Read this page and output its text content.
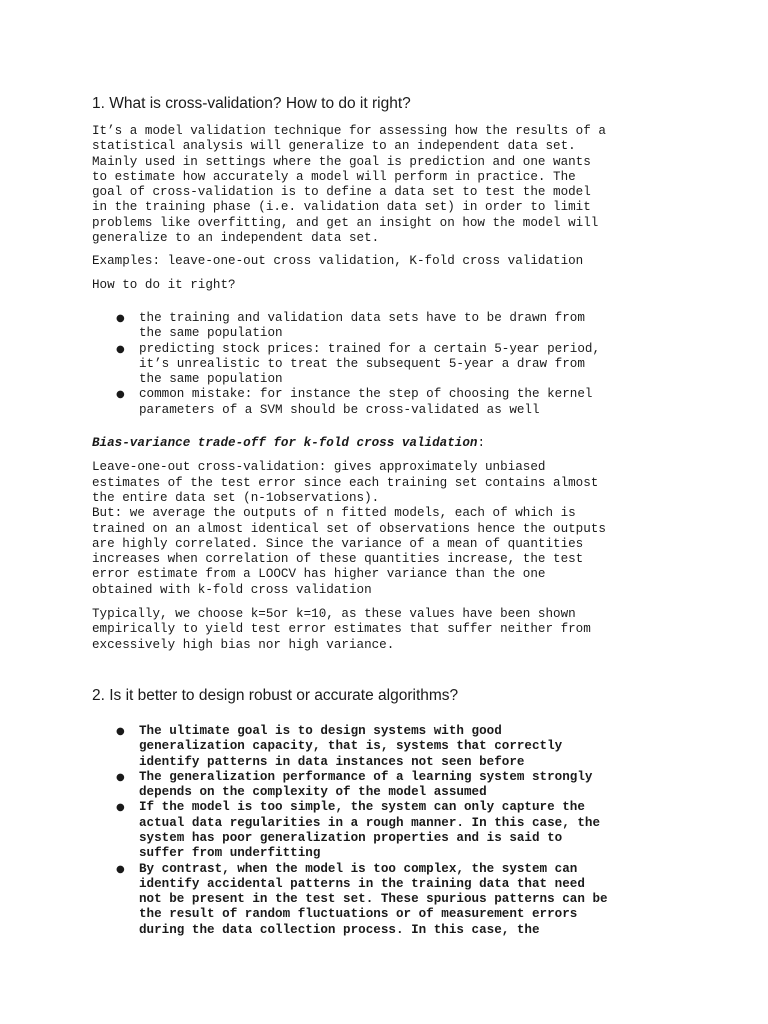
1. What is cross-validation? How to do it right?

It’s a model validation technique for assessing how the results of a
statistical analysis will generalize to an independent data set.
Mainly used in settings where the goal is prediction and one wants
to estimate how accurately a model will perform in practice. The
goal of cross-validation is to define a data set to test the model
in the training phase (i.e. validation data set) in order to limit
problems like overfitting, and get an insight on how the model will
generalize to an independent data set.

Examples: leave-one-out cross validation, K-fold cross validation

How to do it right?

● the training and validation data sets have to be drawn from
the same population

● predicting stock prices: trained for a certain 5-year period,
it’s unrealistic to treat the subsequent 5-year a draw from
the same population

● common mistake: for instance the step of choosing the kernel
parameters of a SVM should be cross-validated as well

Bias-variance trade-off for k-fold cross validation:

Leave-one-out cross-validation: gives approximately unbiased
estimates of the test error since each training set contains almost
the entire data set (n-1observations).
But: we average the outputs of n fitted models, each of which is
trained on an almost identical set of observations hence the outputs
are highly correlated. Since the variance of a mean of quantities
increases when correlation of these quantities increase, the test
error estimate from a LOOCV has higher variance than the one
obtained with k-fold cross validation

Typically, we choose k=5or k=10, as these values have been shown
empirically to yield test error estimates that suffer neither from
excessively high bias nor high variance.

2. Is it better to design robust or accurate algorithms?
● The ultimate goal is to design systems with good
generalization capacity, that is, systems that correctly
identify patterns in data instances not seen before

● The generalization performance of a learning system strongly
depends on the complexity of the model assumed

● If the model is too simple, the system can only capture the
actual data regularities in a rough manner. In this case, the
system has poor generalization properties and is said to
suffer from underfitting

● By contrast, when the model is too complex, the system can
identify accidental patterns in the training data that need
not be present in the test set. These spurious patterns can be
the result of random fluctuations or of measurement errors
during the data collection process. In this case, the
